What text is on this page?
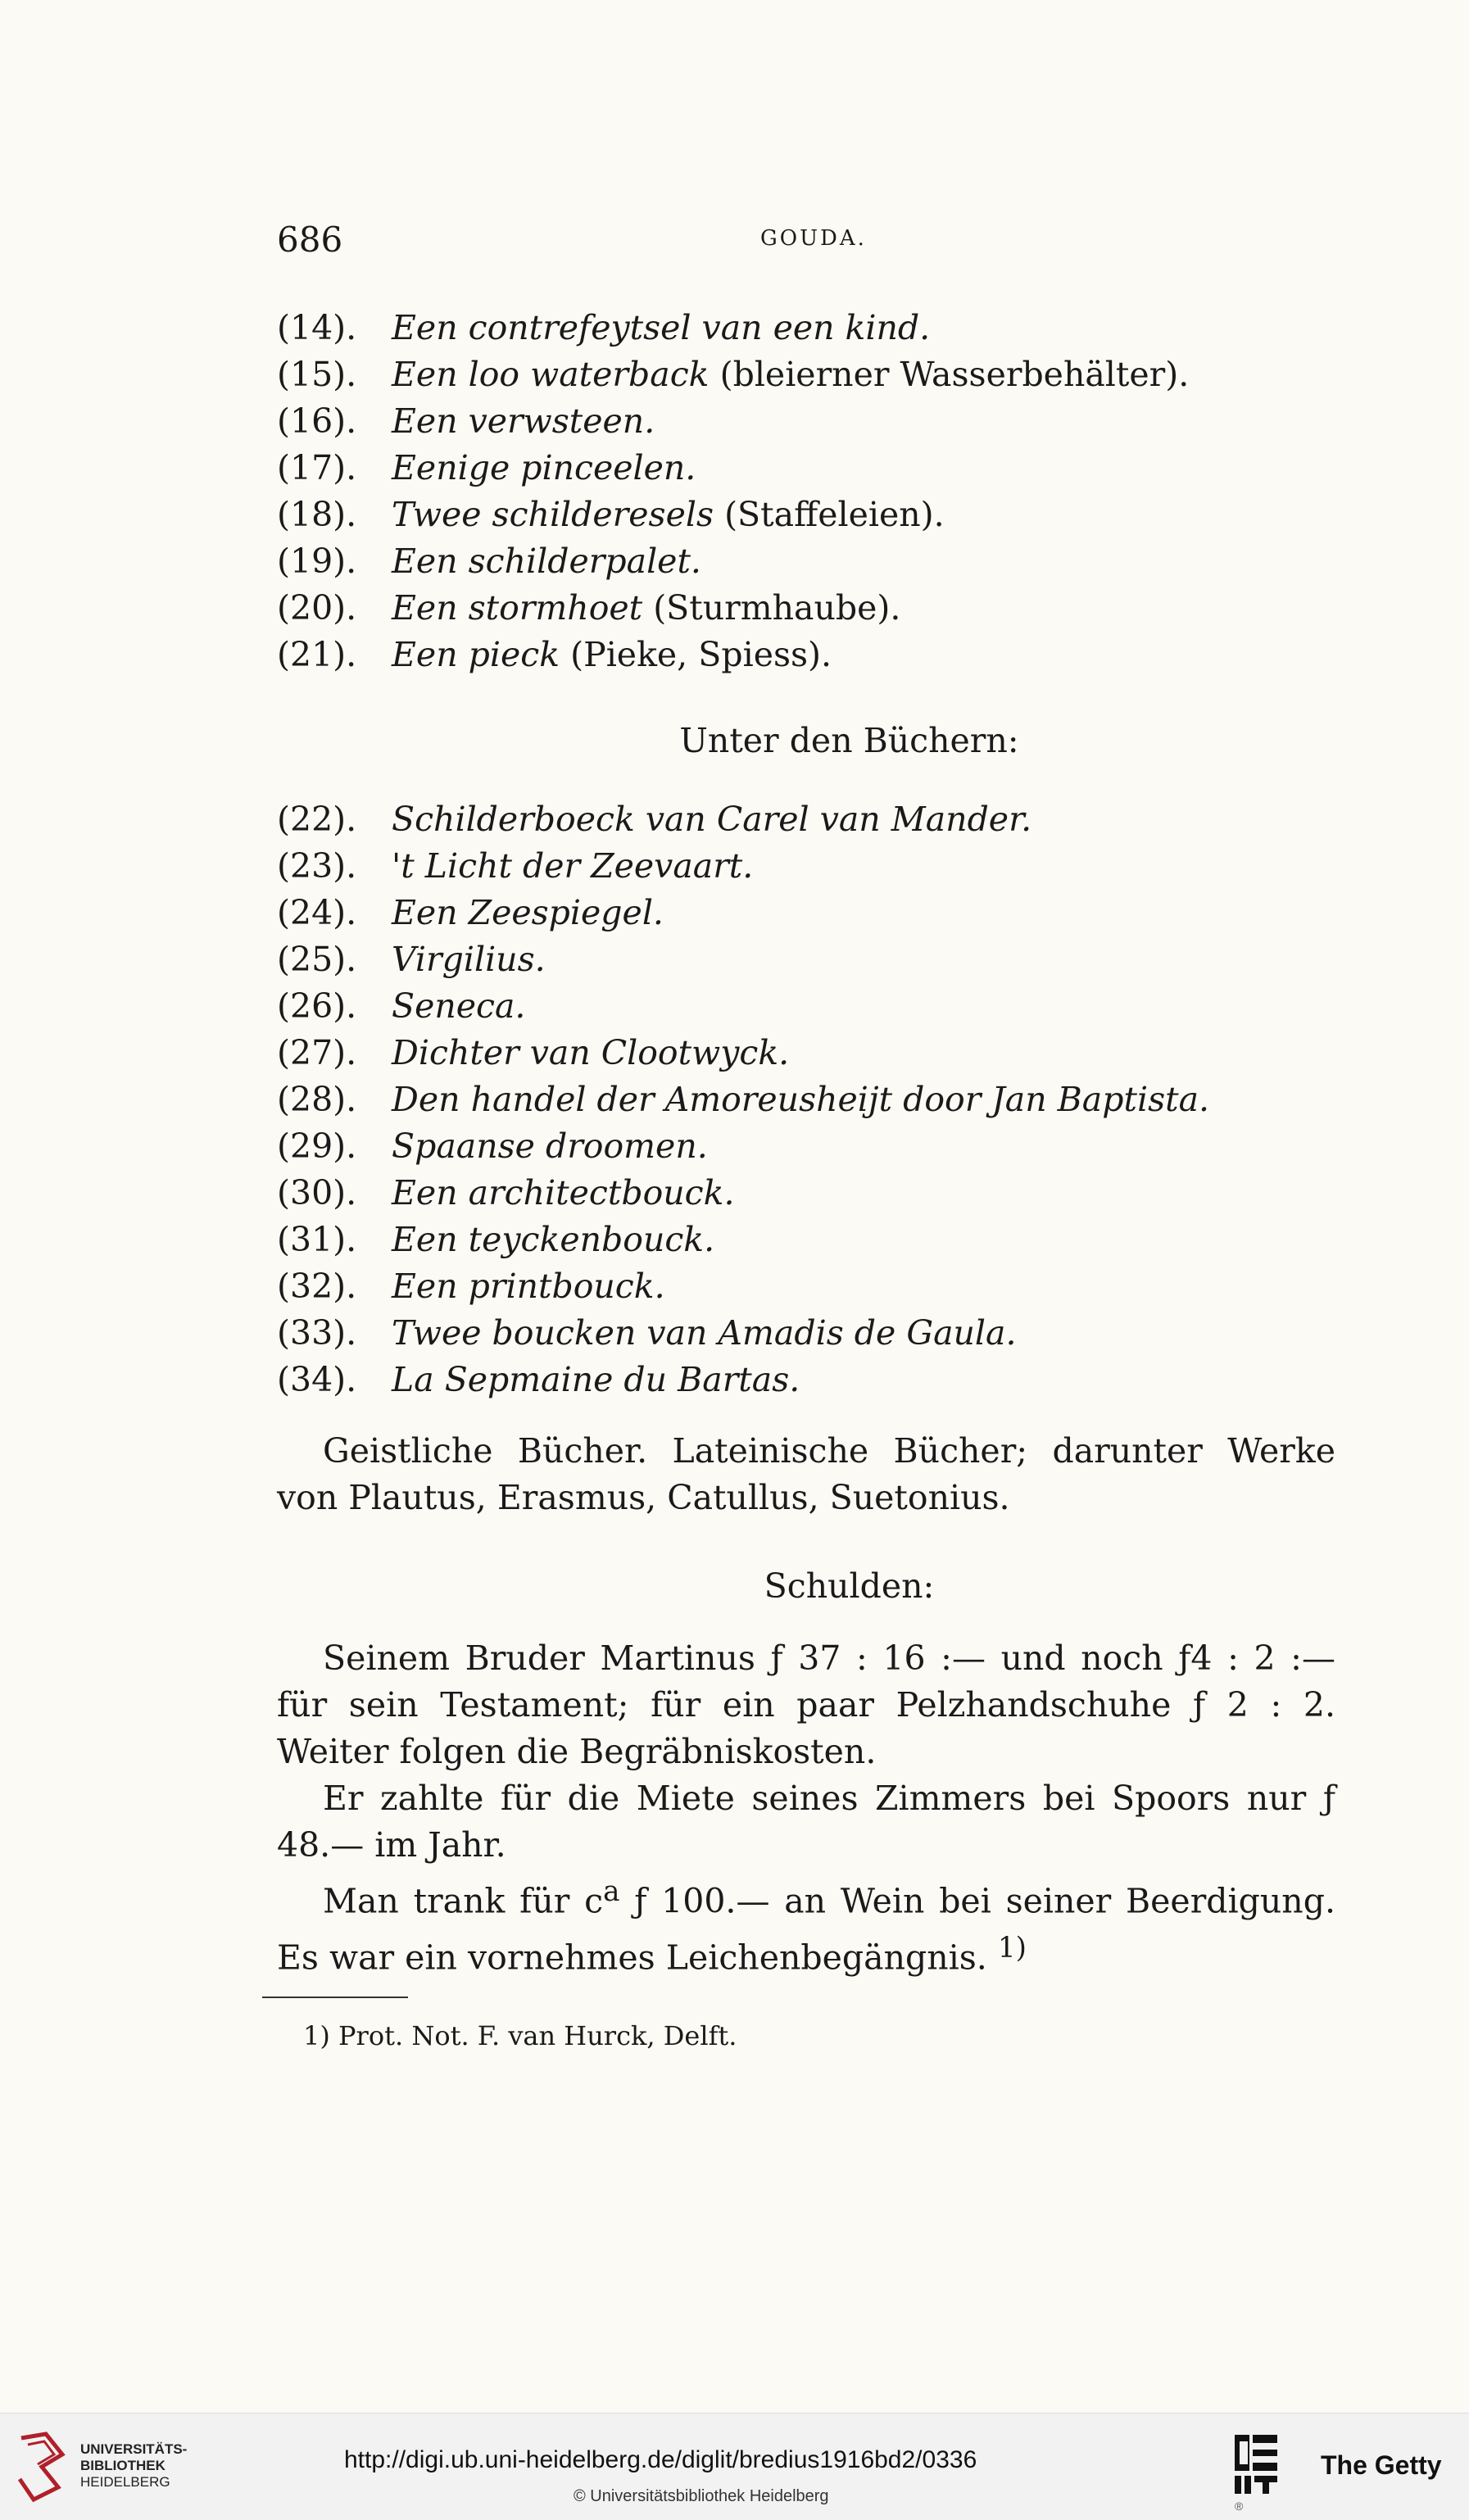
686	GOUDA.
(14). Een contrefeytsel van een kind.
(15). Een loo waterback (bleierner Wasserbehälter).
(16). Een verwsteen.
(17). Eenige pinceelen.
(18). Twee schilderesels (Staffeleien).
(19). Een schilderpalet.
(20). Een stormhoet (Sturmhaube).
(21). Een pieck (Pieke, Spiess).
Unter den Büchern:
(22). Schilderboeck van Carel van Mander.
(23). 't Licht der Zeevaart.
(24). Een Zeespiegel.
(25). Virgilius.
(26). Seneca.
(27). Dichter van Clootwyck.
(28). Den handel der Amoreusheijt door Jan Baptista.
(29). Spaanse droomen.
(30). Een architectbouck.
(31). Een teyckenbouck.
(32). Een printbouck.
(33). Twee boucken van Amadis de Gaula.
(34). La Sepmaine du Bartas.
Geistliche Bücher. Lateinische Bücher; darunter Werke von Plautus, Erasmus, Catullus, Suetonius.
Schulden:

Seinem Bruder Martinus ƒ 37 : 16 :— und noch ƒ4 : 2 :— für sein Testament; für ein paar Pelzhandschuhe ƒ 2 : 2. Weiter folgen die Begräbniskosten.

Er zahlte für die Miete seines Zimmers bei Spoors nur ƒ 48.— im Jahr.

Man trank für $c^a$ ƒ 100.— an Wein bei seiner Beerdigung. Es war ein vornehmes Leichenbegängnis. $^{1)}$

1) Prot. Not. F. van Hurck, Delft.
UNIVERSITÄTS-
BIBLIOTHEK
HEIDELBERG
http://digi.ub.uni-heidelberg.de/diglit/bredius1916bd2/0336
© Universitätsbibliothek Heidelberg
The Getty
®
